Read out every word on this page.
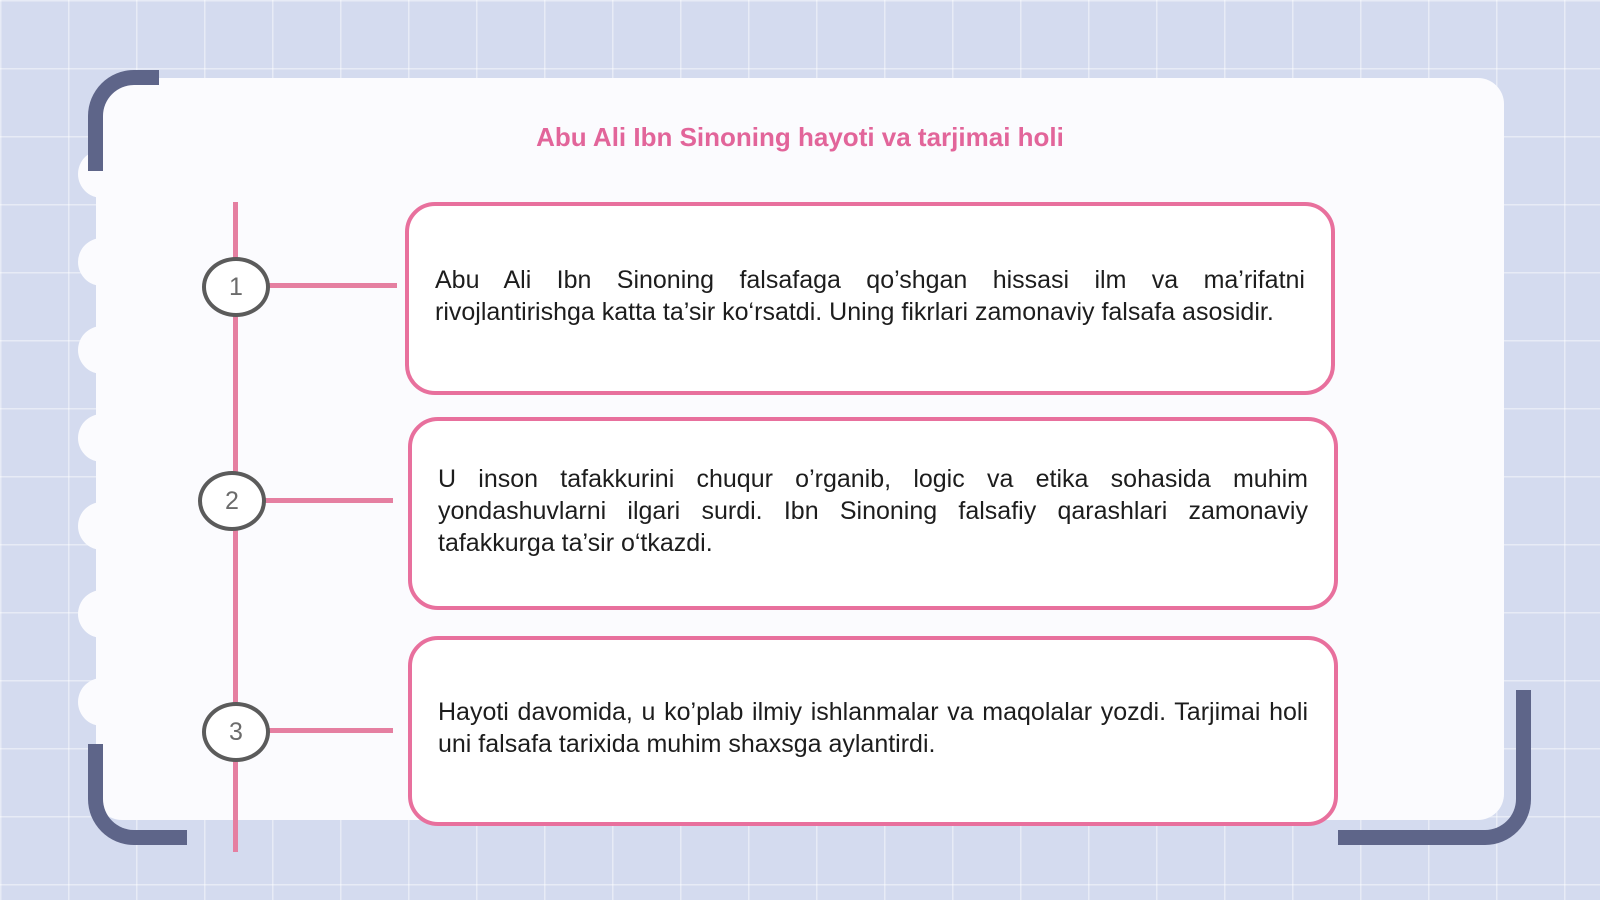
Abu Ali Ibn Sinoning hayoti va tarjimai holi
1	Abu Ali Ibn Sinoning falsafaga qo’shgan hissasi ilm va ma’rifatni rivojlantirishga katta ta’sir ko‘rsatdi. Uning fikrlari zamonaviy falsafa asosidir.
2
U inson tafakkurini chuqur o’rganib, logic va etika sohasida muhim yondashuvlarni ilgari surdi. Ibn Sinoning falsafiy qarashlari zamonaviy tafakkurga ta’sir o‘tkazdi.
3
Hayoti davomida, u ko’plab ilmiy ishlanmalar va maqolalar yozdi. Tarjimai holi uni falsafa tarixida muhim shaxsga aylantirdi.
